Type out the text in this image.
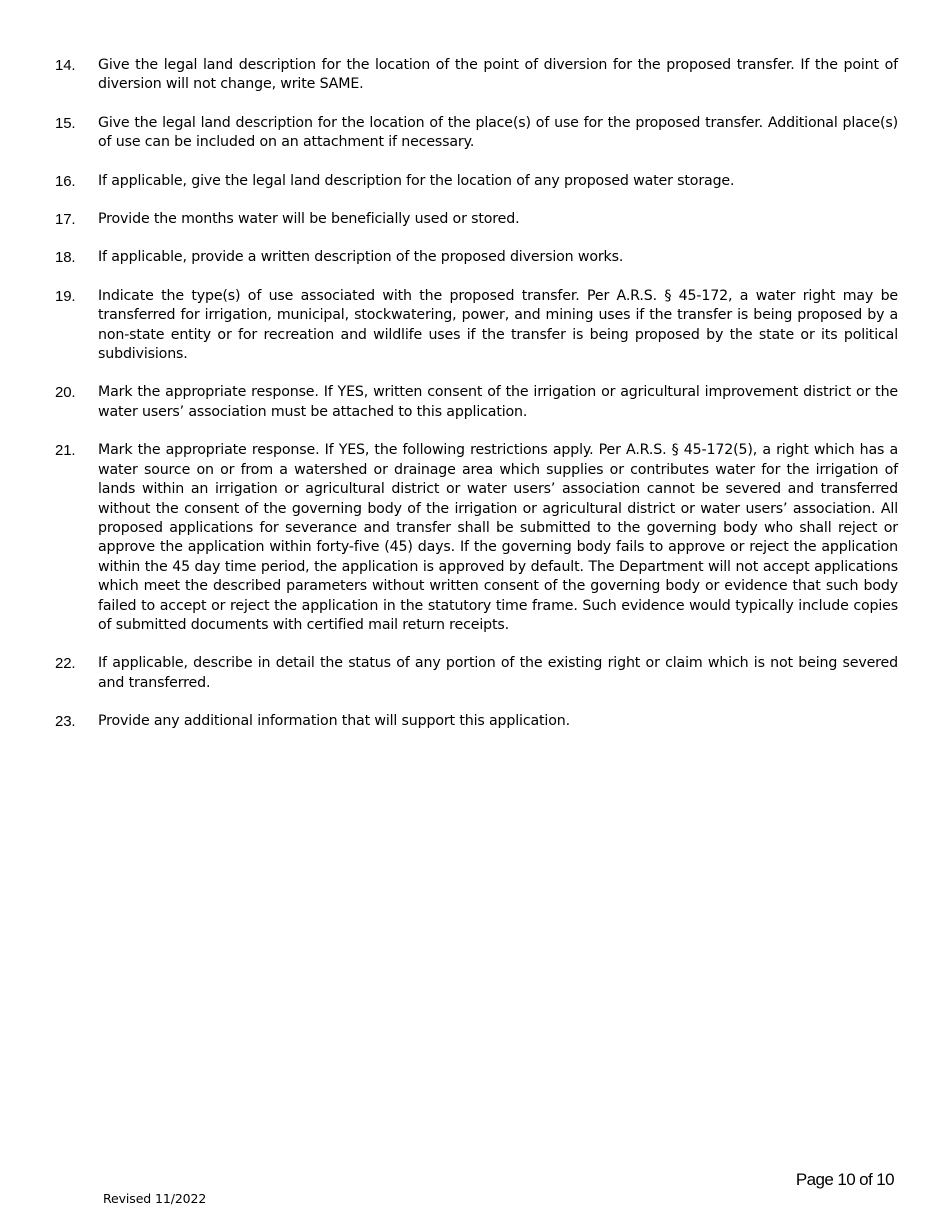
14. Give the legal land description for the location of the point of diversion for the proposed transfer. If the point of diversion will not change, write SAME.
15. Give the legal land description for the location of the place(s) of use for the proposed transfer. Additional place(s) of use can be included on an attachment if necessary.
16. If applicable, give the legal land description for the location of any proposed water storage.
17. Provide the months water will be beneficially used or stored.
18. If applicable, provide a written description of the proposed diversion works.
19. Indicate the type(s) of use associated with the proposed transfer. Per A.R.S. § 45-172, a water right may be transferred for irrigation, municipal, stockwatering, power, and mining uses if the transfer is being proposed by a non-state entity or for recreation and wildlife uses if the transfer is being proposed by the state or its political subdivisions.
20. Mark the appropriate response. If YES, written consent of the irrigation or agricultural improvement district or the water users’ association must be attached to this application.
21. Mark the appropriate response. If YES, the following restrictions apply. Per A.R.S. § 45-172(5), a right which has a water source on or from a watershed or drainage area which supplies or contributes water for the irrigation of lands within an irrigation or agricultural district or water users’ association cannot be severed and transferred without the consent of the governing body of the irrigation or agricultural district or water users’ association. All proposed applications for severance and transfer shall be submitted to the governing body who shall reject or approve the application within forty-five (45) days. If the governing body fails to approve or reject the application within the 45 day time period, the application is approved by default. The Department will not accept applications which meet the described parameters without written consent of the governing body or evidence that such body failed to accept or reject the application in the statutory time frame. Such evidence would typically include copies of submitted documents with certified mail return receipts.
22. If applicable, describe in detail the status of any portion of the existing right or claim which is not being severed and transferred.
23. Provide any additional information that will support this application.
Page 10 of 10
Revised 11/2022
